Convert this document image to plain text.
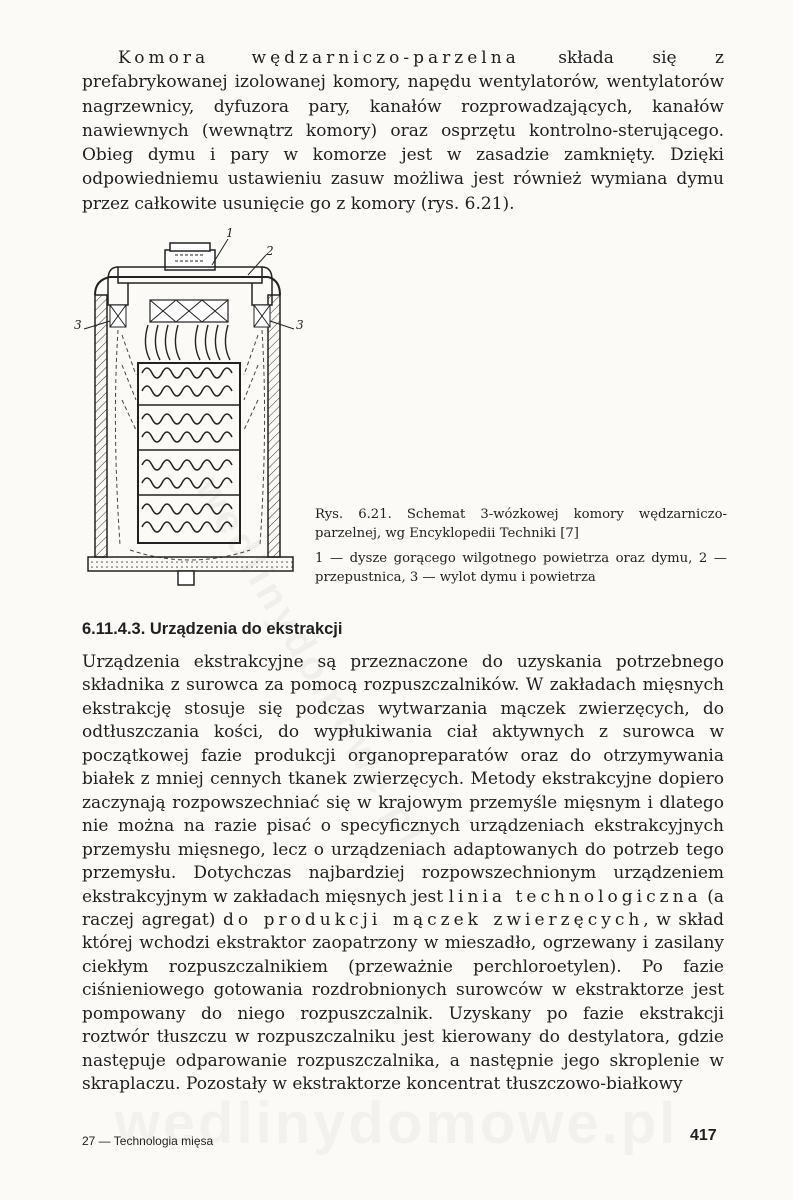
Komora wędzarniczo-parzelna składa się z prefabrykowanej izolowanej komory, napędu wentylatorów, wentylatorów nagrzewnicy, dyfuzora pary, kanałów rozprowadzających, kanałów nawiewnych (wewnątrz komory) oraz osprzętu kontrolno-sterującego. Obieg dymu i pary w komorze jest w zasadzie zamknięty. Dzięki odpowiedniemu ustawieniu zasuw możliwa jest również wymiana dymu przez całkowite usunięcie go z komory (rys. 6.21).

1
2
3	3
Rys. 6.21. Schemat 3-wózkowej komory wędzarniczo-parzelnej, wg Encyklopedii Techniki [7]
1 — dysze gorącego wilgotnego powietrza oraz dymu, 2 — przepustnica, 3 — wylot dymu i powietrza
6.11.4.3. Urządzenia do ekstrakcji

Urządzenia ekstrakcyjne są przeznaczone do uzyskania potrzebnego składnika z surowca za pomocą rozpuszczalników. W zakładach mięsnych ekstrakcję stosuje się podczas wytwarzania mączek zwierzęcych, do odtłuszczania kości, do wypłukiwania ciał aktywnych z surowca w początkowej fazie produkcji organopreparatów oraz do otrzymywania białek z mniej cennych tkanek zwierzęcych. Metody ekstrakcyjne dopiero zaczynają rozpowszechniać się w krajowym przemyśle mięsnym i dlatego nie można na razie pisać o specyficznych urządzeniach ekstrakcyjnych przemysłu mięsnego, lecz o urządzeniach adaptowanych do potrzeb tego przemysłu. Dotychczas najbardziej rozpowszechnionym urządzeniem ekstrakcyjnym w zakładach mięsnych jest linia technologiczna (a raczej agregat) do produkcji mączek zwierzęcych, w skład której wchodzi ekstraktor zaopatrzony w mieszadło, ogrzewany i zasilany ciekłym rozpuszczalnikiem (przeważnie perchloroetylen). Po fazie ciśnieniowego gotowania rozdrobnionych surowców w ekstraktorze jest pompowany do niego rozpuszczalnik. Uzyskany po fazie ekstrakcji roztwór tłuszczu w rozpuszczalniku jest kierowany do destylatora, gdzie następuje odparowanie rozpuszczalnika, a następnie jego skroplenie w skraplaczu. Pozostały w ekstraktorze koncentrat tłuszczowo-białkowy

27 — Technologia mięsa	417
